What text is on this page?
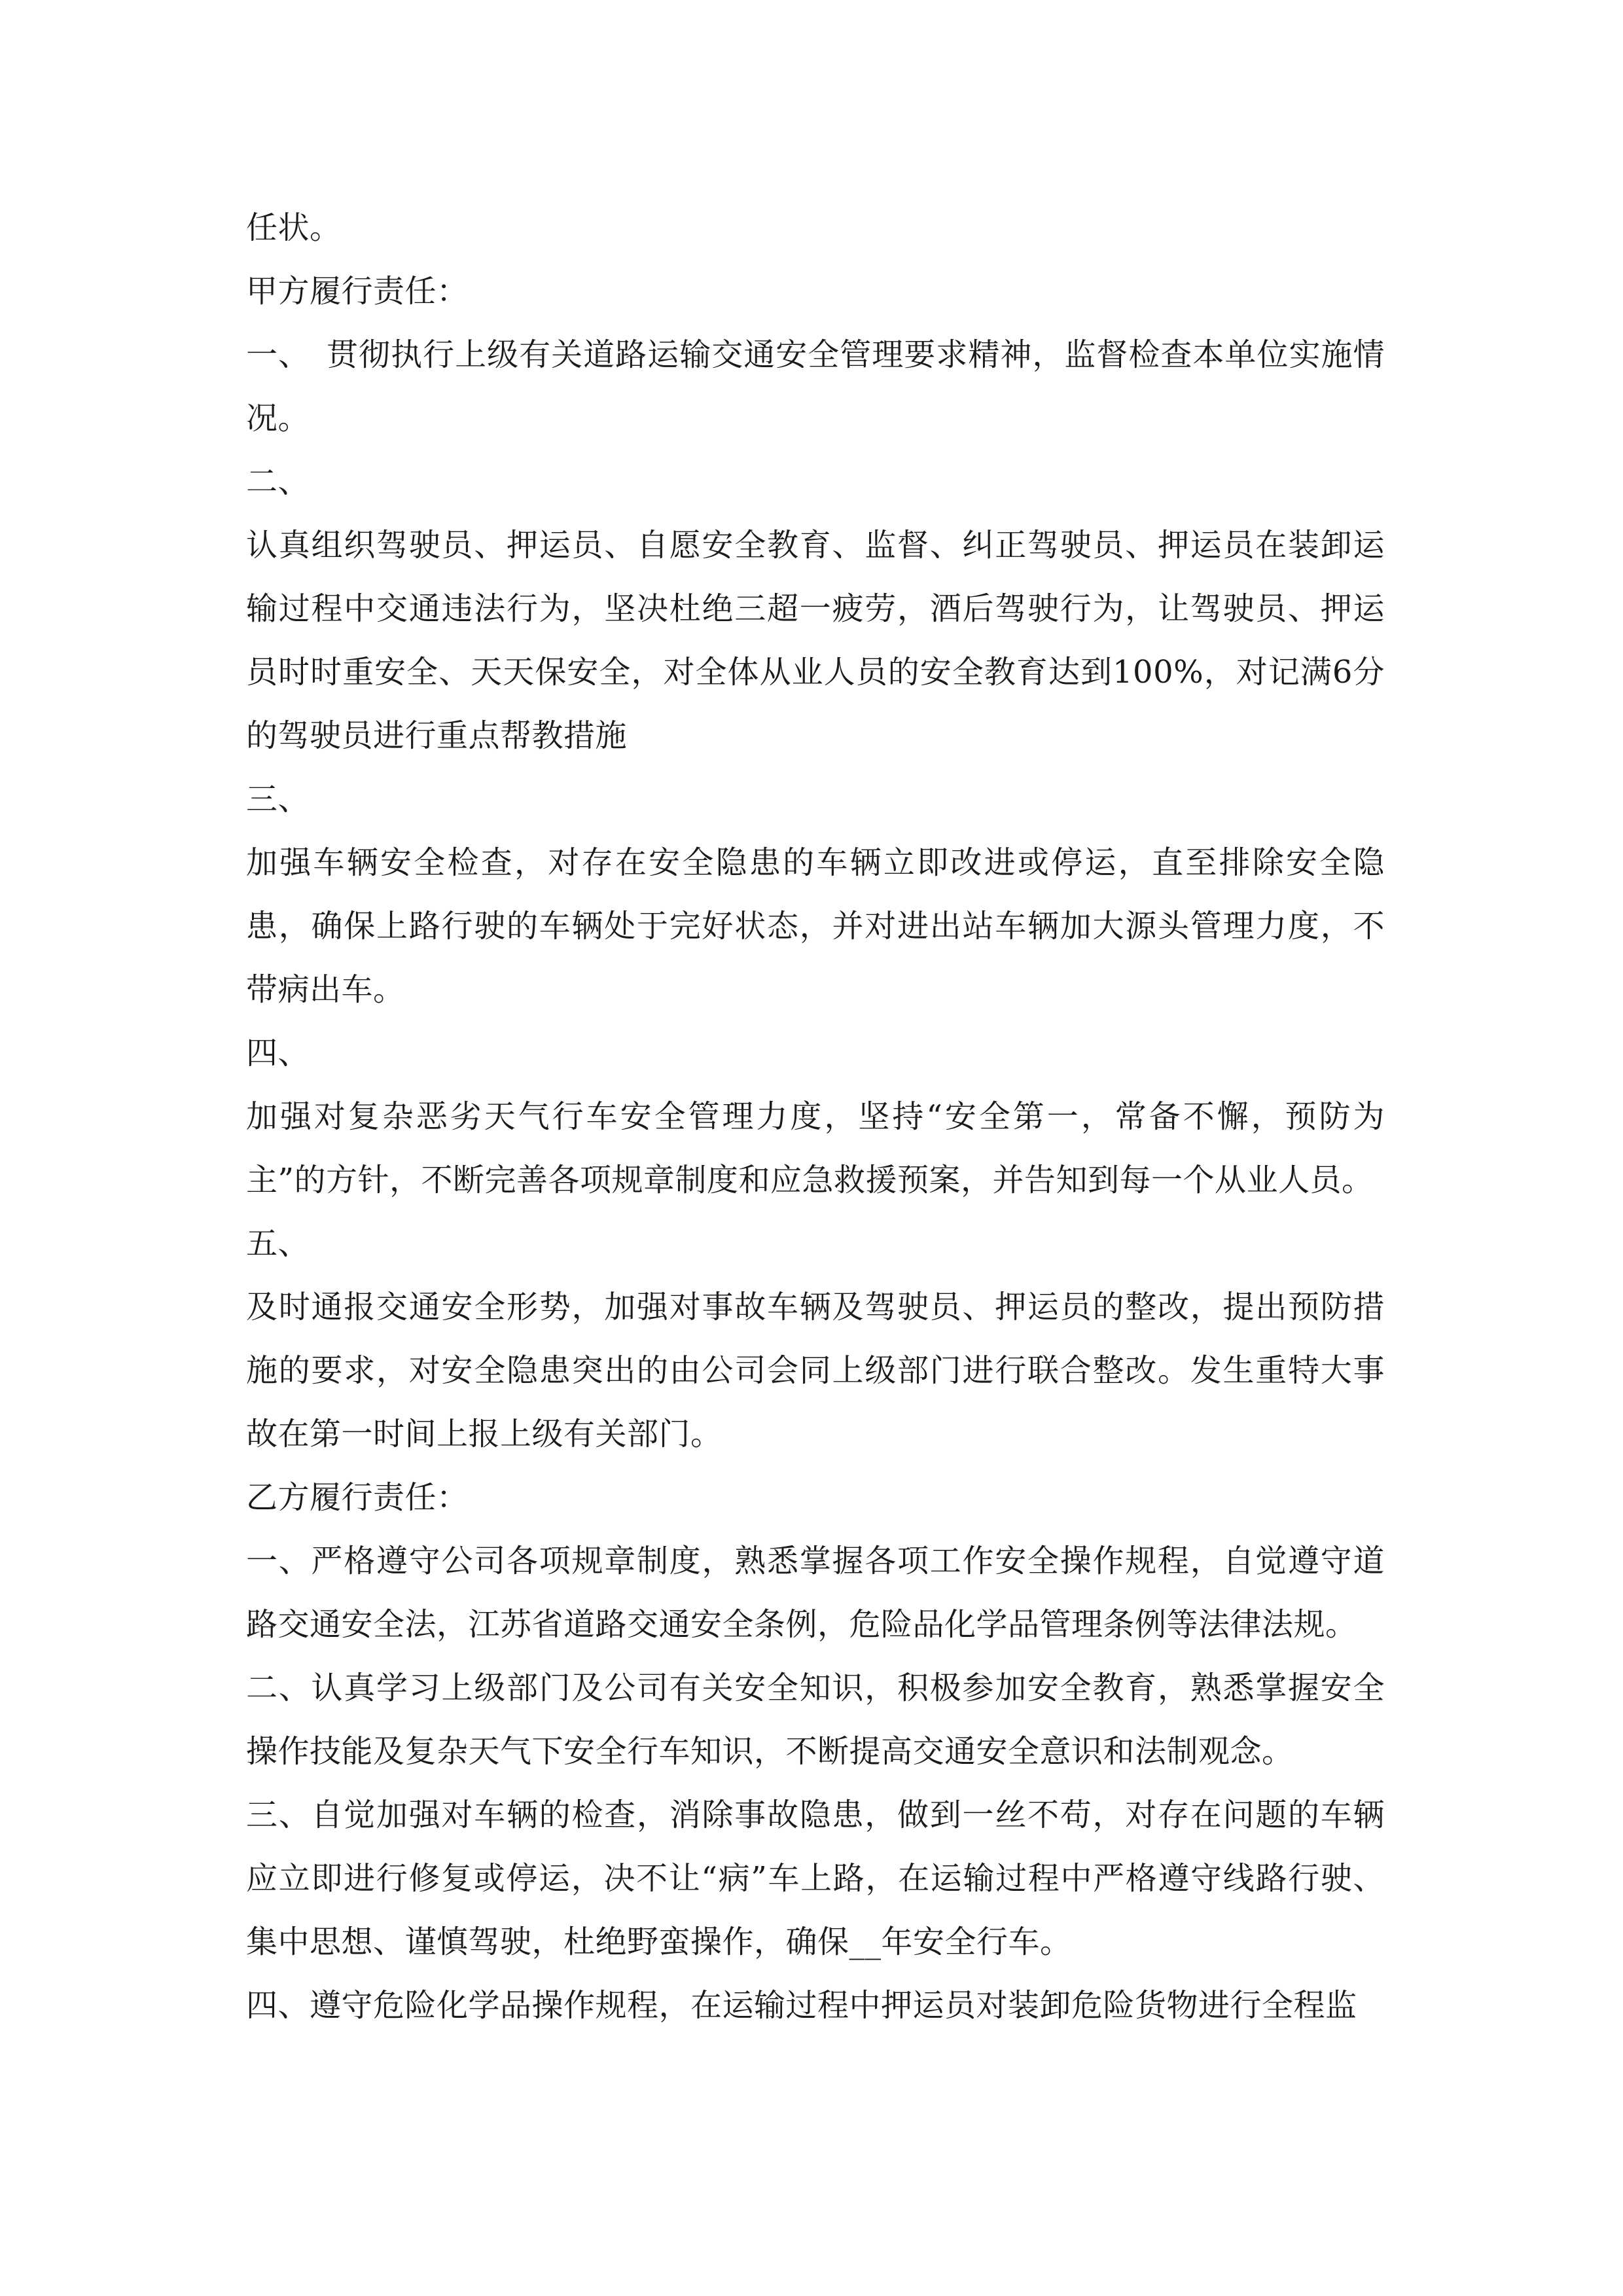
任状。

甲方履行责任：

一、　贯彻执行上级有关道路运输交通安全管理要求精神，监督检查本单位实施情况。

二、

认真组织驾驶员、押运员、自愿安全教育、监督、纠正驾驶员、押运员在装卸运输过程中交通违法行为，坚决杜绝三超一疲劳，酒后驾驶行为，让驾驶员、押运员时时重安全、天天保安全，对全体从业人员的安全教育达到100%，对记满6分的驾驶员进行重点帮教措施

三、

加强车辆安全检查，对存在安全隐患的车辆立即改进或停运，直至排除安全隐患，确保上路行驶的车辆处于完好状态，并对进出站车辆加大源头管理力度，不带病出车。

四、

加强对复杂恶劣天气行车安全管理力度，坚持“安全第一，常备不懈，预防为主”的方针，不断完善各项规章制度和应急救援预案，并告知到每一个从业人员。

五、

及时通报交通安全形势，加强对事故车辆及驾驶员、押运员的整改，提出预防措施的要求，对安全隐患突出的由公司会同上级部门进行联合整改。发生重特大事故在第一时间上报上级有关部门。

乙方履行责任：

一、严格遵守公司各项规章制度，熟悉掌握各项工作安全操作规程，自觉遵守道路交通安全法，江苏省道路交通安全条例，危险品化学品管理条例等法律法规。

二、认真学习上级部门及公司有关安全知识，积极参加安全教育，熟悉掌握安全操作技能及复杂天气下安全行车知识，不断提高交通安全意识和法制观念。

三、自觉加强对车辆的检查，消除事故隐患，做到一丝不苟，对存在问题的车辆应立即进行修复或停运，决不让“病”车上路，在运输过程中严格遵守线路行驶、集中思想、谨慎驾驶，杜绝野蛮操作，确保__年安全行车。

四、遵守危险化学品操作规程，在运输过程中押运员对装卸危险货物进行全程监
